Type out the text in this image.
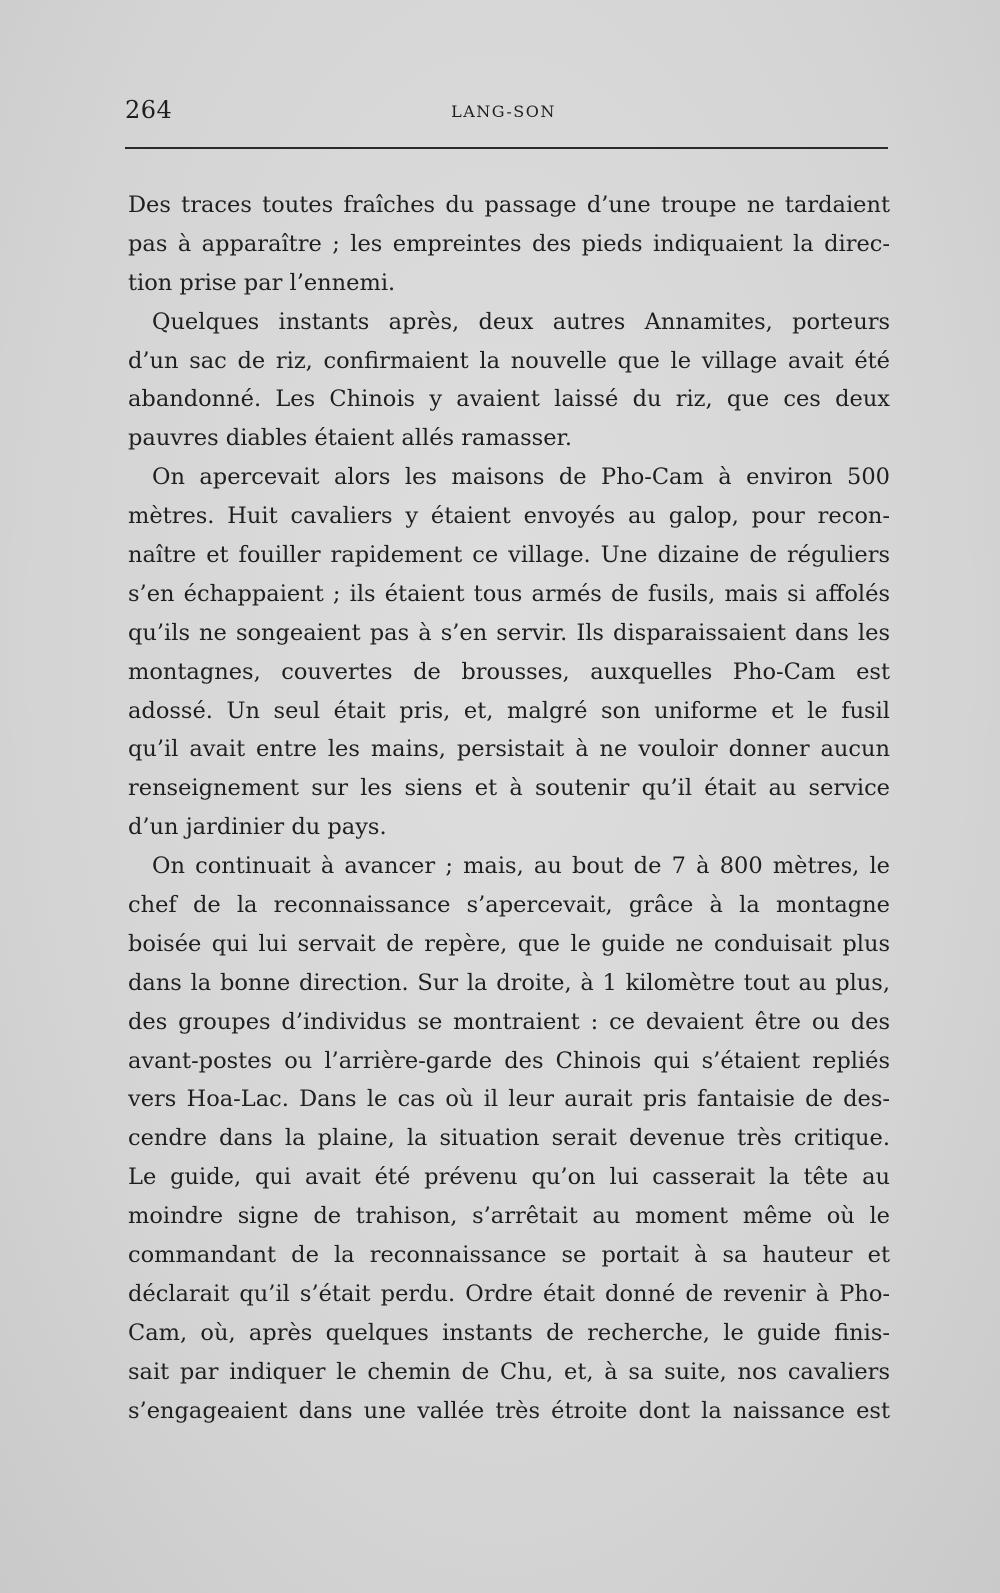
264	LANG-SON
Des traces toutes fraîches du passage d’une troupe ne tardaient
pas à apparaître ; les empreintes des pieds indiquaient la direc-
tion prise par l’ennemi.
Quelques instants après, deux autres Annamites, porteurs
d’un sac de riz, confirmaient la nouvelle que le village avait été
abandonné. Les Chinois y avaient laissé du riz, que ces deux
pauvres diables étaient allés ramasser.
On apercevait alors les maisons de Pho-Cam à environ 500
mètres. Huit cavaliers y étaient envoyés au galop, pour recon-
naître et fouiller rapidement ce village. Une dizaine de réguliers
s’en échappaient ; ils étaient tous armés de fusils, mais si affolés
qu’ils ne songeaient pas à s’en servir. Ils disparaissaient dans les
montagnes, couvertes de brousses, auxquelles Pho-Cam est
adossé. Un seul était pris, et, malgré son uniforme et le fusil
qu’il avait entre les mains, persistait à ne vouloir donner aucun
renseignement sur les siens et à soutenir qu’il était au service
d’un jardinier du pays.
On continuait à avancer ; mais, au bout de 7 à 800 mètres, le
chef de la reconnaissance s’apercevait, grâce à la montagne
boisée qui lui servait de repère, que le guide ne conduisait plus
dans la bonne direction. Sur la droite, à 1 kilomètre tout au plus,
des groupes d’individus se montraient : ce devaient être ou des
avant-postes ou l’arrière-garde des Chinois qui s’étaient repliés
vers Hoa-Lac. Dans le cas où il leur aurait pris fantaisie de des-
cendre dans la plaine, la situation serait devenue très critique.
Le guide, qui avait été prévenu qu’on lui casserait la tête au
moindre signe de trahison, s’arrêtait au moment même où le
commandant de la reconnaissance se portait à sa hauteur et
déclarait qu’il s’était perdu. Ordre était donné de revenir à Pho-
Cam, où, après quelques instants de recherche, le guide finis-
sait par indiquer le chemin de Chu, et, à sa suite, nos cavaliers
s’engageaient dans une vallée très étroite dont la naissance est
